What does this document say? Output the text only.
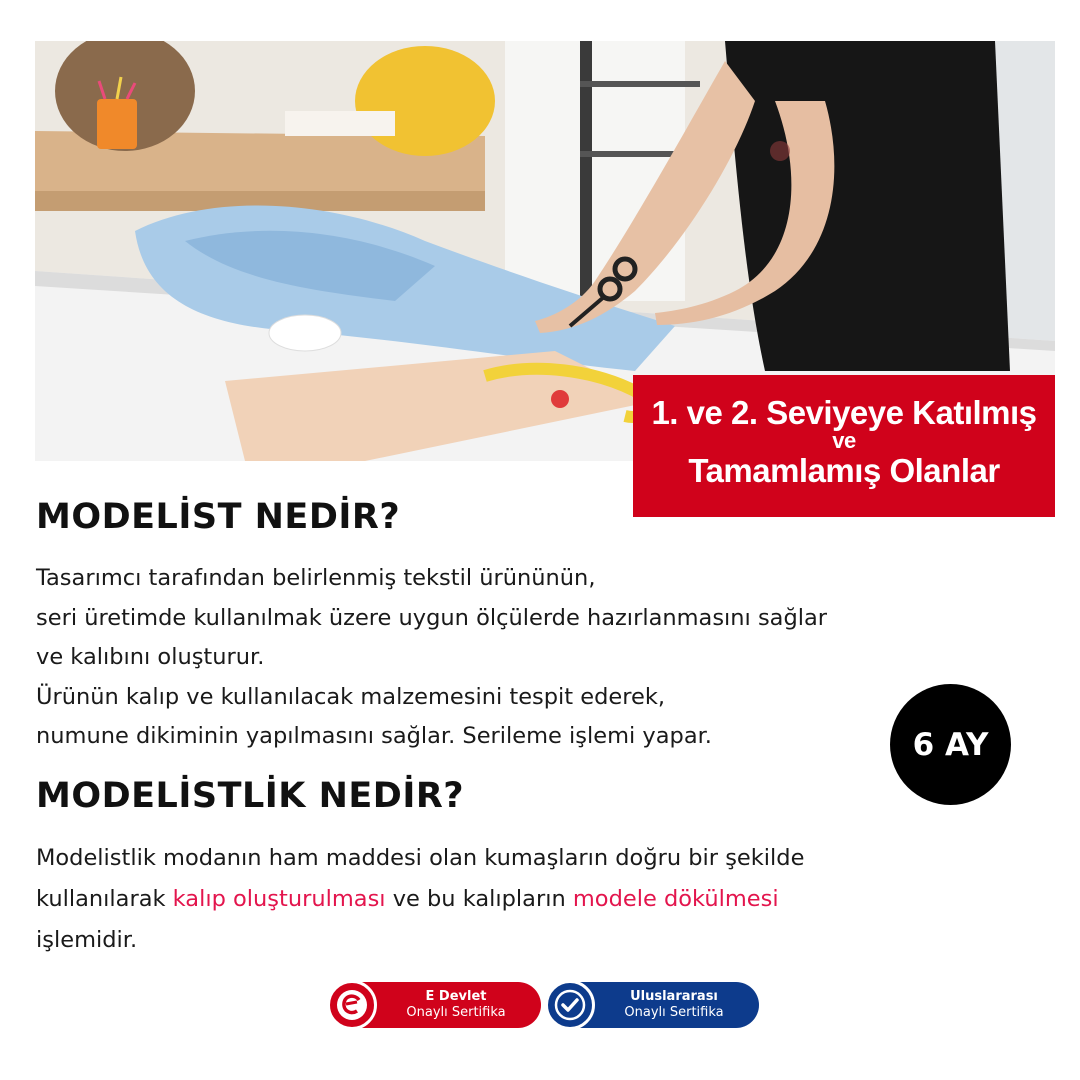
1. ve 2. Seviyeye Katılmış
ve
Tamamlamış Olanlar
MODELİST NEDİR?

Tasarımcı tarafından belirlenmiş tekstil ürününün,
seri üretimde kullanılmak üzere uygun ölçülerde hazırlanmasını sağlar
ve kalıbını oluşturur.
Ürünün kalıp ve kullanılacak malzemesini tespit ederek,
numune dikiminin yapılmasını sağlar. Serileme işlemi yapar.	6 AY
MODELİSTLİK NEDİR?

Modelistlik modanın ham maddesi olan kumaşların doğru bir şekilde
kullanılarak kalıp oluşturulması ve bu kalıpların modele dökülmesi
işlemidir.

E Devlet
Onaylı Sertifika
Uluslararası
Onaylı Sertifika
